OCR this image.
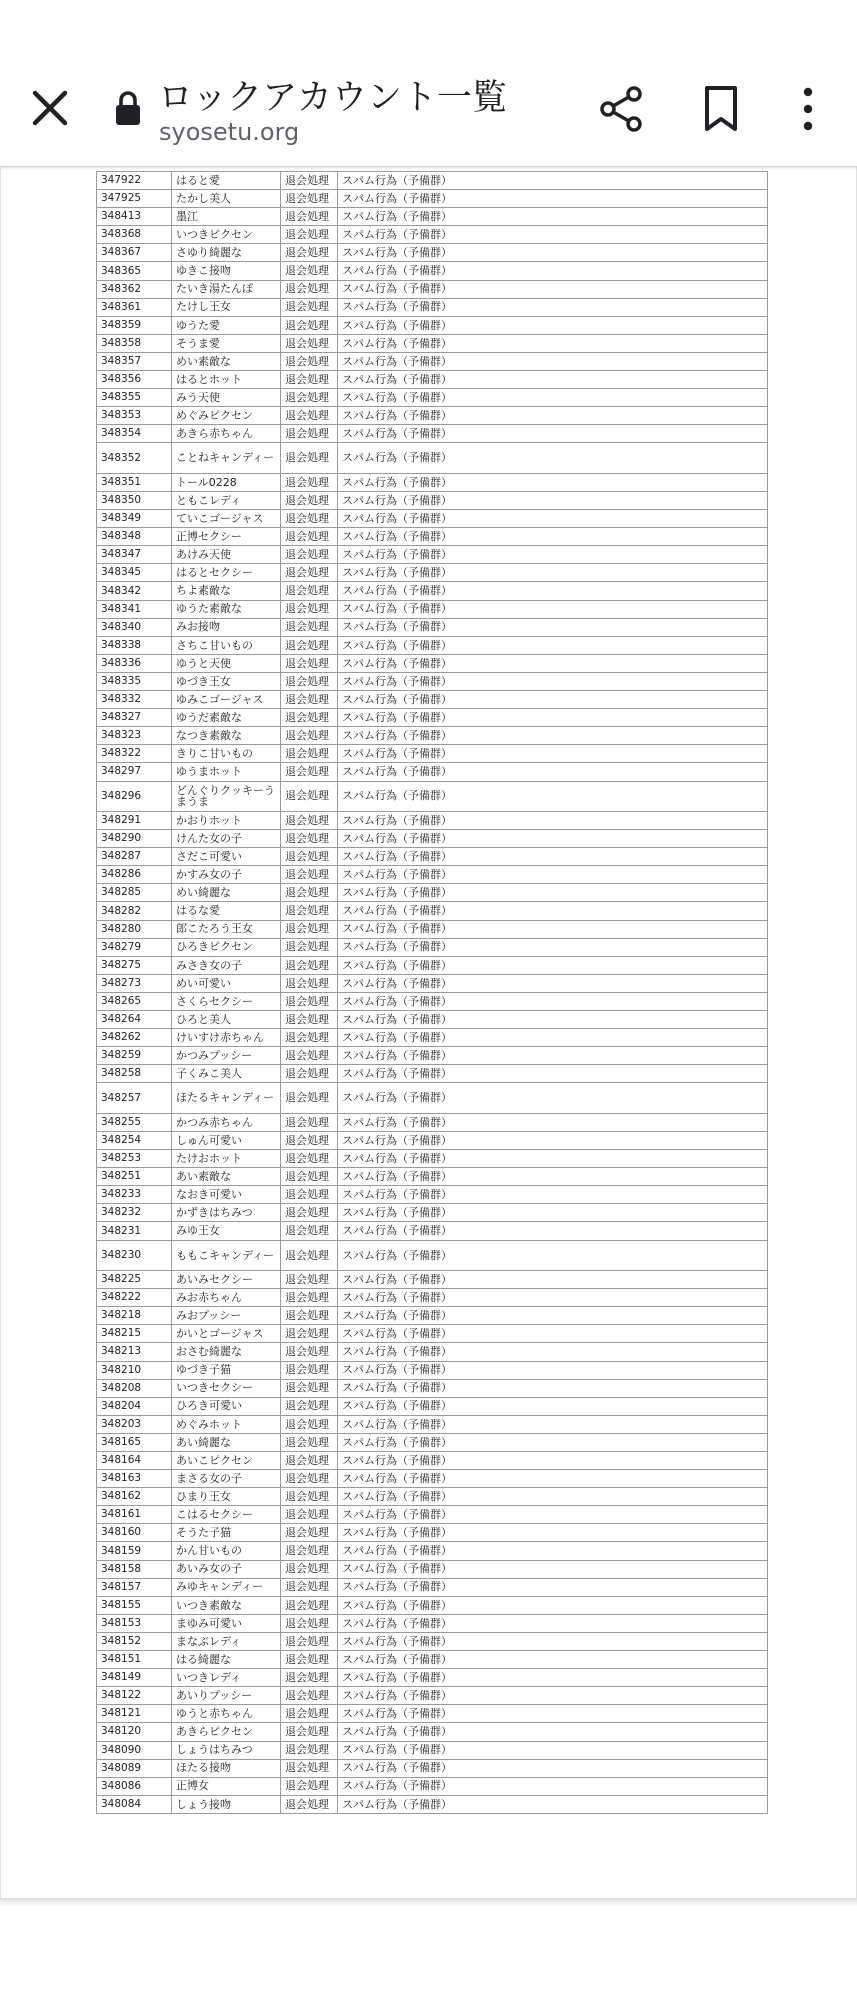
ロックアカウント一覧
syosetu.org
347922	はると愛	退会処理	スパム行為（予備群）
347925	たかし美人	退会処理	スパム行為（予備群）
348413	墨江	退会処理	スパム行為（予備群）
348368	いつきピクセン	退会処理	スパム行為（予備群）
348367	さゆり綺麗な	退会処理	スパム行為（予備群）
348365	ゆきこ接吻	退会処理	スパム行為（予備群）
348362	たいき湯たんぽ	退会処理	スパム行為（予備群）
348361	たけし王女	退会処理	スパム行為（予備群）
348359	ゆうた愛	退会処理	スパム行為（予備群）
348358	そうま愛	退会処理	スパム行為（予備群）
348357	めい素敵な	退会処理	スパム行為（予備群）
348356	はるとホット	退会処理	スパム行為（予備群）
348355	みう天使	退会処理	スパム行為（予備群）
348353	めぐみピクセン	退会処理	スパム行為（予備群）
348354	あきら赤ちゃん	退会処理	スパム行為（予備群）
348352	ことねキャンディー	退会処理	スパム行為（予備群）
348351	トール0228	退会処理	スパム行為（予備群）
348350	ともこレディ	退会処理	スパム行為（予備群）
348349	ていこゴージャス	退会処理	スパム行為（予備群）
348348	正博セクシー	退会処理	スパム行為（予備群）
348347	あけみ天使	退会処理	スパム行為（予備群）
348345	はるとセクシー	退会処理	スパム行為（予備群）
348342	ちよ素敵な	退会処理	スパム行為（予備群）
348341	ゆうた素敵な	退会処理	スパム行為（予備群）
348340	みお接吻	退会処理	スパム行為（予備群）
348338	さちこ甘いもの	退会処理	スパム行為（予備群）
348336	ゆうと天使	退会処理	スパム行為（予備群）
348335	ゆづき王女	退会処理	スパム行為（予備群）
348332	ゆみこゴージャス	退会処理	スパム行為（予備群）
348327	ゆうだ素敵な	退会処理	スパム行為（予備群）
348323	なつき素敵な	退会処理	スパム行為（予備群）
348322	きりこ甘いもの	退会処理	スパム行為（予備群）
348297	ゆうまホット	退会処理	スパム行為（予備群）
348296	どんぐりクッキーうまうま	退会処理	スパム行為（予備群）
348291	かおりホット	退会処理	スパム行為（予備群）
348290	けんた女の子	退会処理	スパム行為（予備群）
348287	さだこ可愛い	退会処理	スパム行為（予備群）
348286	かすみ女の子	退会処理	スパム行為（予備群）
348285	めい綺麗な	退会処理	スパム行為（予備群）
348282	はるな愛	退会処理	スパム行為（予備群）
348280	郎こたろう王女	退会処理	スパム行為（予備群）
348279	ひろきピクセン	退会処理	スパム行為（予備群）
348275	みさき女の子	退会処理	スパム行為（予備群）
348273	めい可愛い	退会処理	スパム行為（予備群）
348265	さくらセクシー	退会処理	スパム行為（予備群）
348264	ひろと美人	退会処理	スパム行為（予備群）
348262	けいすけ赤ちゃん	退会処理	スパム行為（予備群）
348259	かつみプッシー	退会処理	スパム行為（予備群）
348258	子くみこ美人	退会処理	スパム行為（予備群）
348257	ほたるキャンディー	退会処理	スパム行為（予備群）
348255	かつみ赤ちゃん	退会処理	スパム行為（予備群）
348254	しゅん可愛い	退会処理	スパム行為（予備群）
348253	たけおホット	退会処理	スパム行為（予備群）
348251	あい素敵な	退会処理	スパム行為（予備群）
348233	なおき可愛い	退会処理	スパム行為（予備群）
348232	かずきはちみつ	退会処理	スパム行為（予備群）
348231	みゆ王女	退会処理	スパム行為（予備群）
348230	ももこキャンディー	退会処理	スパム行為（予備群）
348225	あいみセクシー	退会処理	スパム行為（予備群）
348222	みお赤ちゃん	退会処理	スパム行為（予備群）
348218	みおプッシー	退会処理	スパム行為（予備群）
348215	かいとゴージャス	退会処理	スパム行為（予備群）
348213	おさむ綺麗な	退会処理	スパム行為（予備群）
348210	ゆづき子猫	退会処理	スパム行為（予備群）
348208	いつきセクシー	退会処理	スパム行為（予備群）
348204	ひろき可愛い	退会処理	スパム行為（予備群）
348203	めぐみホット	退会処理	スパム行為（予備群）
348165	あい綺麗な	退会処理	スパム行為（予備群）
348164	あいこピクセン	退会処理	スパム行為（予備群）
348163	まさる女の子	退会処理	スパム行為（予備群）
348162	ひまり王女	退会処理	スパム行為（予備群）
348161	こはるセクシー	退会処理	スパム行為（予備群）
348160	そうた子猫	退会処理	スパム行為（予備群）
348159	かん甘いもの	退会処理	スパム行為（予備群）
348158	あいみ女の子	退会処理	スパム行為（予備群）
348157	みゆキャンディー	退会処理	スパム行為（予備群）
348155	いつき素敵な	退会処理	スパム行為（予備群）
348153	まゆみ可愛い	退会処理	スパム行為（予備群）
348152	まなぶレディ	退会処理	スパム行為（予備群）
348151	はる綺麗な	退会処理	スパム行為（予備群）
348149	いつきレディ	退会処理	スパム行為（予備群）
348122	あいりプッシー	退会処理	スパム行為（予備群）
348121	ゆうと赤ちゃん	退会処理	スパム行為（予備群）
348120	あきらピクセン	退会処理	スパム行為（予備群）
348090	しょうはちみつ	退会処理	スパム行為（予備群）
348089	ほたる接吻	退会処理	スパム行為（予備群）
348086	正博女	退会処理	スパム行為（予備群）
348084	しょう接吻	退会処理	スパム行為（予備群）
